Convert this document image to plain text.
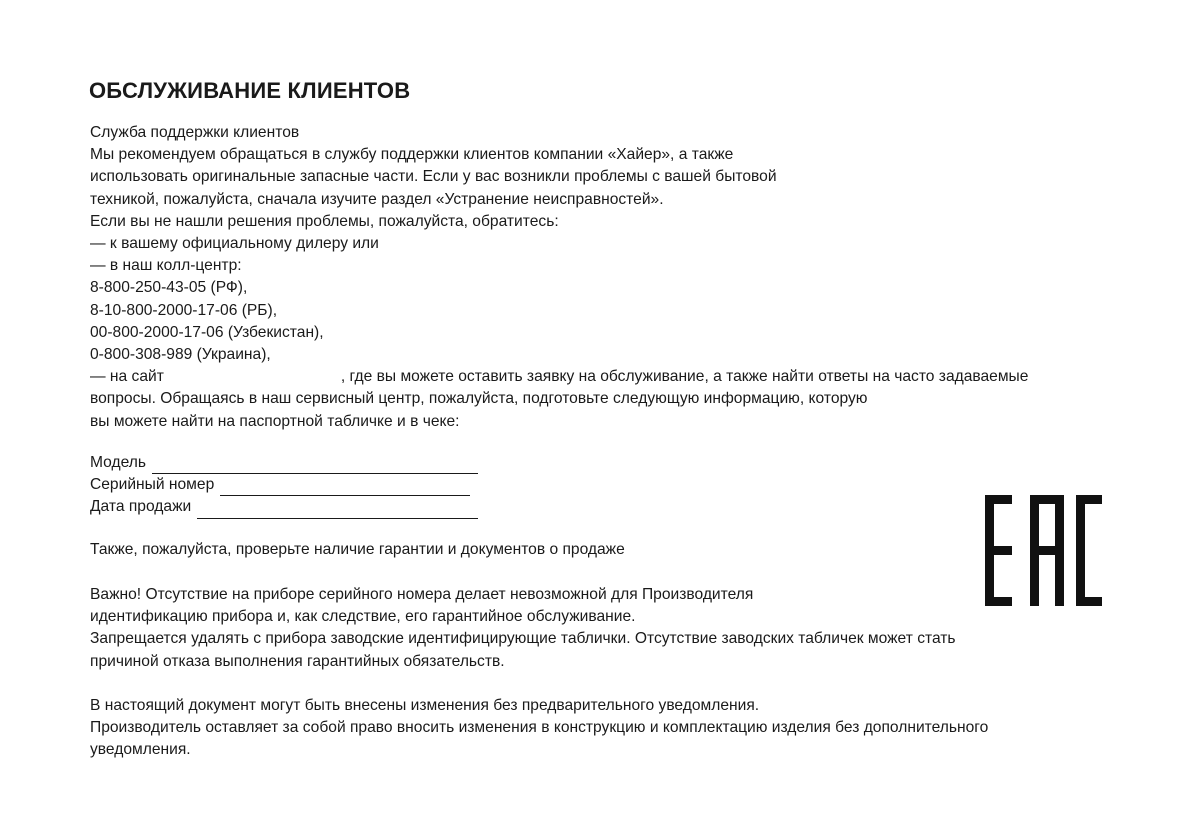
ОБСЛУЖИВАНИЕ КЛИЕНТОВ
Служба поддержки клиентов
Мы рекомендуем обращаться в службу поддержки клиентов компании «Хайер», а также
использовать оригинальные запасные части. Если у вас возникли проблемы с вашей бытовой
техникой, пожалуйста, сначала изучите раздел «Устранение неисправностей».
Если вы не нашли решения проблемы, пожалуйста, обратитесь:
— к вашему официальному дилеру или
— в наш колл-центр:
8-800-250-43-05 (РФ),
8-10-800-2000-17-06 (РБ),
00-800-2000-17-06 (Узбекистан),
0-800-308-989 (Украина),
— на сайт	, где вы можете оставить заявку на обслуживание, а также найти ответы на часто задаваемые
вопросы. Обращаясь в наш сервисный центр, пожалуйста, подготовьте следующую информацию, которую
вы можете найти на паспортной табличке и в чеке:
Модель
Серийный номер
Дата продажи
Также, пожалуйста, проверьте наличие гарантии и документов о продаже
Важно! Отсутствие на приборе серийного номера делает невозможной для Производителя
идентификацию прибора и, как следствие, его гарантийное обслуживание.
Запрещается удалять с прибора заводские идентифицирующие таблички. Отсутствие заводских табличек может стать
причиной отказа выполнения гарантийных обязательств.
В настоящий документ могут быть внесены изменения без предварительного уведомления.
Производитель оставляет за собой право вносить изменения в конструкцию и комплектацию изделия без дополнительного
уведомления.
